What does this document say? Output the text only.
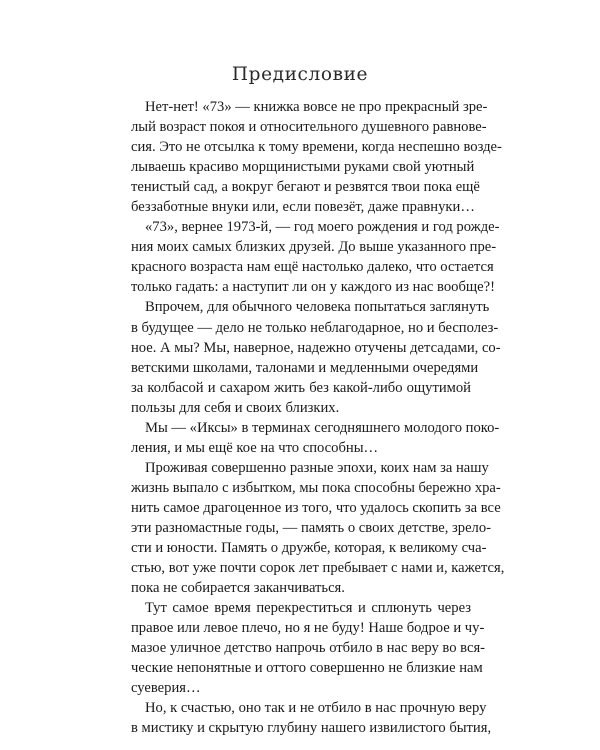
Предисловие
Нет-нет! «73» — книжка вовсе не про прекрасный зре-
лый возраст покоя и относительного душевного равнове-
сия. Это не отсылка к тому времени, когда неспешно возде-
лываешь красиво морщинистыми руками свой уютный
тенистый сад, а вокруг бегают и резвятся твои пока ещё
беззаботные внуки или, если повезёт, даже правнуки…
«73», вернее 1973-й, — год моего рождения и год рожде-
ния моих самых близких друзей. До выше указанного пре-
красного возраста нам ещё настолько далеко, что остается
только гадать: а наступит ли он у каждого из нас вообще?!
Впрочем, для обычного человека попытаться заглянуть
в будущее — дело не только неблагодарное, но и бесполез-
ное. А мы? Мы, наверное, надежно отучены детсадами, со-
ветскими школами, талонами и медленными очередями
за колбасой и сахаром жить без какой-либо ощутимой
пользы для себя и своих близких.
Мы — «Иксы» в терминах сегодняшнего молодого поко-
ления, и мы ещё кое на что способны…
Проживая совершенно разные эпохи, коих нам за нашу
жизнь выпало с избытком, мы пока способны бережно хра-
нить самое драгоценное из того, что удалось скопить за все
эти разномастные годы, — память о своих детстве, зрело-
сти и юности. Память о дружбе, которая, к великому сча-
стью, вот уже почти сорок лет пребывает с нами и, кажется,
пока не собирается заканчиваться.
Тут самое время перекреститься и сплюнуть через
правое или левое плечо, но я не буду! Наше бодрое и чу-
мазое уличное детство напрочь отбило в нас веру во вся-
ческие непонятные и оттого совершенно не близкие нам
суеверия…
Но, к счастью, оно так и не отбило в нас прочную веру
в мистику и скрытую глубину нашего извилистого бытия,
